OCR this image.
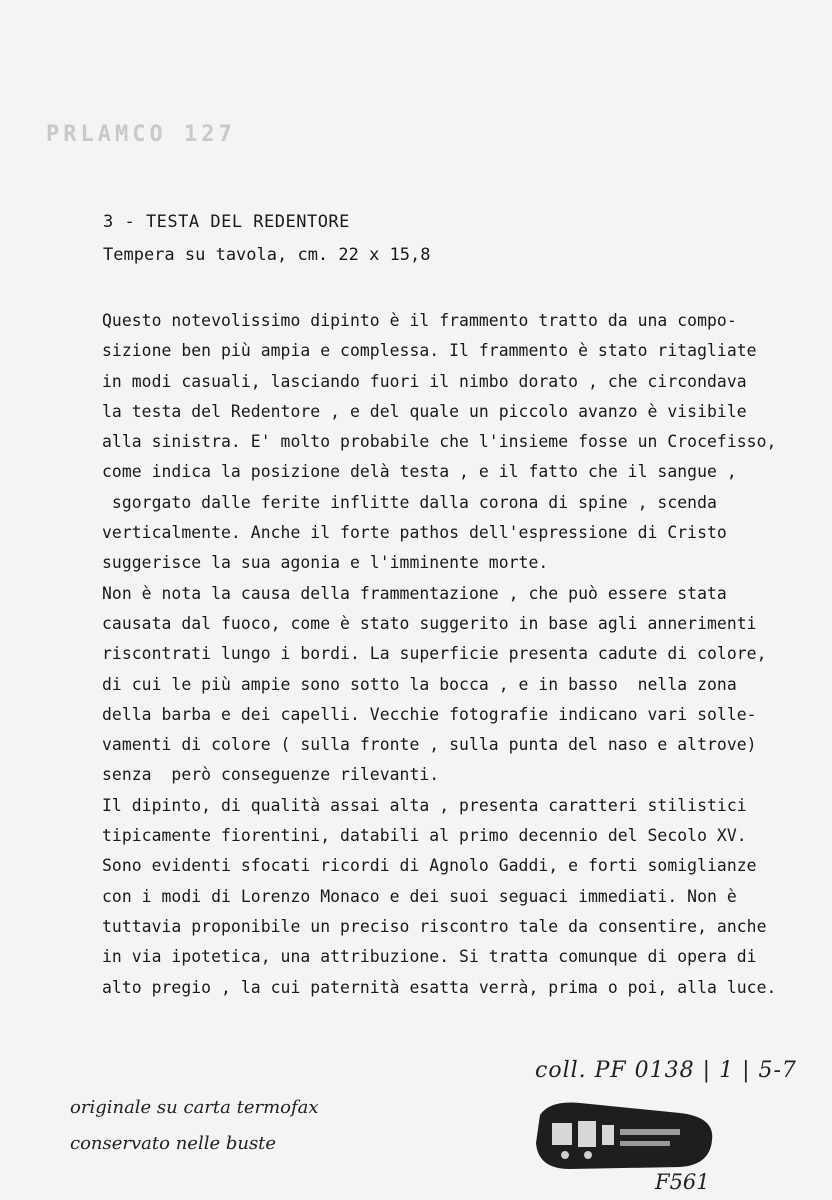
PRLAMCO 127
3 - TESTA DEL REDENTORE
Tempera su tavola, cm. 22 x 15,8
Questo notevolissimo dipinto è il frammento tratto da una compo-
sizione ben più ampia e complessa. Il frammento è stato ritagliate
in modi casuali, lasciando fuori il nimbo dorato , che circondava
la testa del Redentore , e del quale un piccolo avanzo è visibile
alla sinistra. E' molto probabile che l'insieme fosse un Crocefisso,
come indica la posizione delà testa , e il fatto che il sangue ,
sgorgato dalle ferite inflitte dalla corona di spine , scenda
verticalmente. Anche il forte pathos dell'espressione di Cristo
suggerisce la sua agonia e l'imminente morte.
Non è nota la causa della frammentazione , che può essere stata
causata dal fuoco, come è stato suggerito in base agli annerimenti
riscontrati lungo i bordi. La superficie presenta cadute di colore,
di cui le più ampie sono sotto la bocca , e in basso  nella zona
della barba e dei capelli. Vecchie fotografie indicano vari solle-
vamenti di colore ( sulla fronte , sulla punta del naso e altrove)
senza  però conseguenze rilevanti.
Il dipinto, di qualità assai alta , presenta caratteri stilistici
tipicamente fiorentini, databili al primo decennio del Secolo XV.
Sono evidenti sfocati ricordi di Agnolo Gaddi, e forti somiglianze
con i modi di Lorenzo Monaco e dei suoi seguaci immediati. Non è
tuttavia proponibile un preciso riscontro tale da consentire, anche
in via ipotetica, una attribuzione. Si tratta comunque di opera di
alto pregio , la cui paternità esatta verrà, prima o poi, alla luce.
coll. PF 0138 | 1 | 5-7
originale su carta termofax
conservato nelle buste
F561
